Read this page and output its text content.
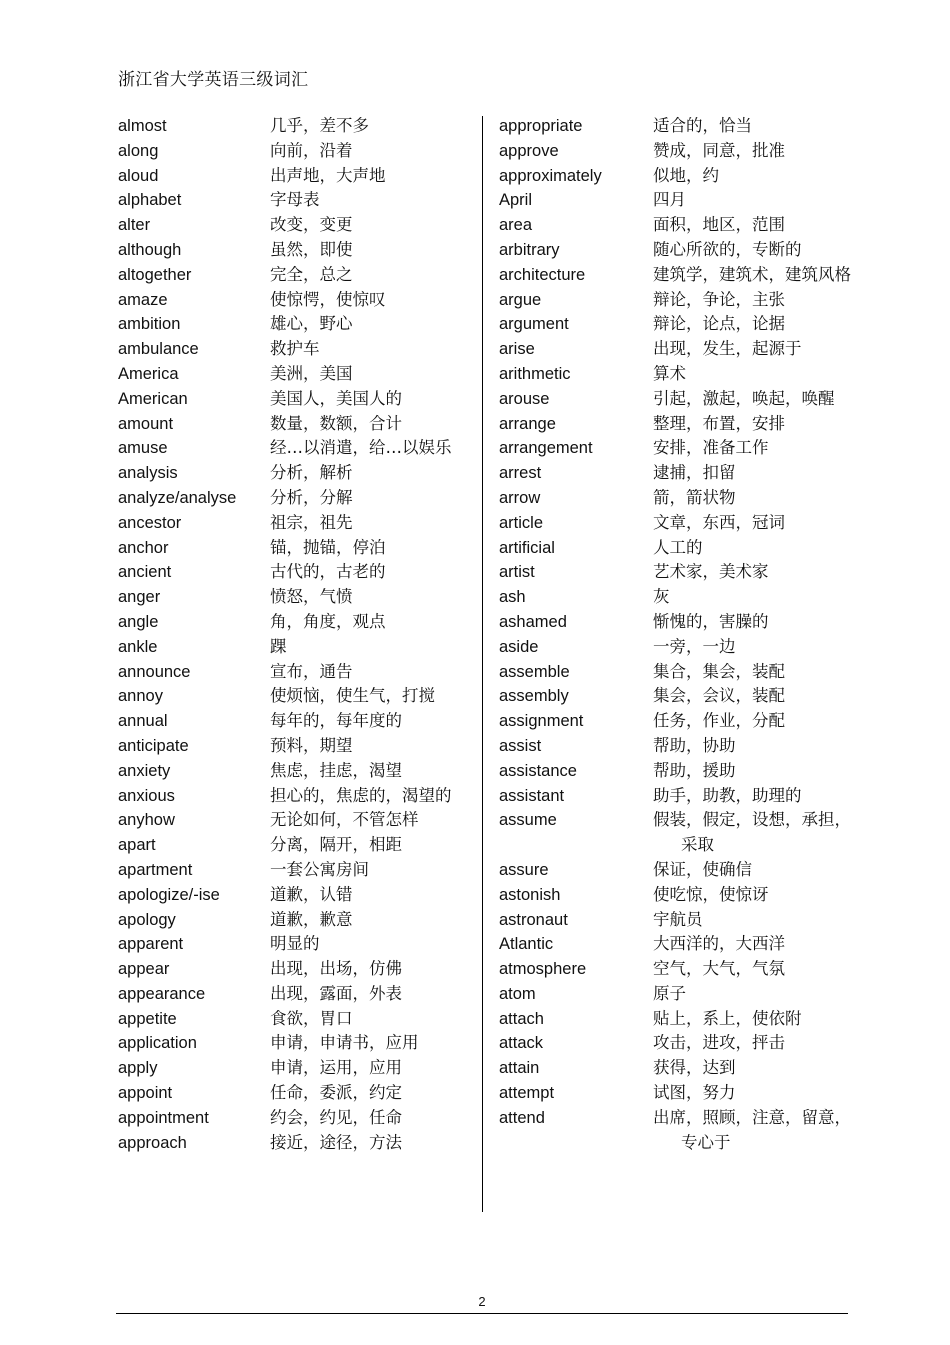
浙江省大学英语三级词汇
almost	几乎，差不多
along	向前，沿着
aloud	出声地，大声地
alphabet	字母表
alter	改变，变更
although	虽然，即使
altogether	完全，总之
amaze	使惊愕，使惊叹
ambition	雄心，野心
ambulance	救护车
America	美洲，美国
American	美国人，美国人的
amount	数量，数额，合计
amuse	经…以消遣，给…以娱乐
analysis	分析，解析
analyze/analyse 分析，分解
ancestor	祖宗，祖先
anchor	锚，抛锚，停泊
ancient	古代的，古老的
anger	愤怒，气愤
angle	角，角度，观点
ankle	踝
announce	宣布，通告
annoy	使烦恼，使生气，打搅
annual	每年的，每年度的
anticipate	预料，期望
anxiety	焦虑，挂虑，渴望
anxious	担心的，焦虑的，渴望的
anyhow	无论如何，不管怎样
apart	分离，隔开，相距
apartment	一套公寓房间
apologize/-ise	道歉，认错
apology	道歉，歉意
apparent	明显的
appear	出现，出场，仿佛
appearance	出现，露面，外表
appetite	食欲，胃口
application	申请，申请书，应用
apply	申请，运用，应用
appoint	任命，委派，约定
appointment	约会，约见，任命
approach	接近，途径，方法
appropriate	适合的，恰当
approve	赞成，同意，批准
approximately	似地，约
April	四月
area	面积，地区，范围
arbitrary	随心所欲的，专断的
architecture	建筑学，建筑术，建筑风格
argue	辩论，争论，主张
argument	辩论，论点，论据
arise	出现，发生，起源于
arithmetic	算术
arouse	引起，激起，唤起，唤醒
arrange	整理，布置，安排
arrangement	安排，准备工作
arrest	逮捕，扣留
arrow	箭，箭状物
article	文章，东西，冠词
artificial	人工的
artist	艺术家，美术家
ash	灰
ashamed	惭愧的，害臊的
aside	一旁，一边
assemble	集合，集会，装配
assembly	集会，会议，装配
assignment	任务，作业，分配
assist	帮助，协助
assistance	帮助，援助
assistant	助手，助教，助理的
assume	假装，假定，设想，承担，采取
assure	保证，使确信
astonish	使吃惊，使惊讶
astronaut	宇航员
Atlantic	大西洋的，大西洋
atmosphere	空气，大气，气氛
atom	原子
attach	贴上，系上，使依附
attack	攻击，进攻，抨击
attain	获得，达到
attempt	试图，努力
attend	出席，照顾，注意，留意，专心于
2
